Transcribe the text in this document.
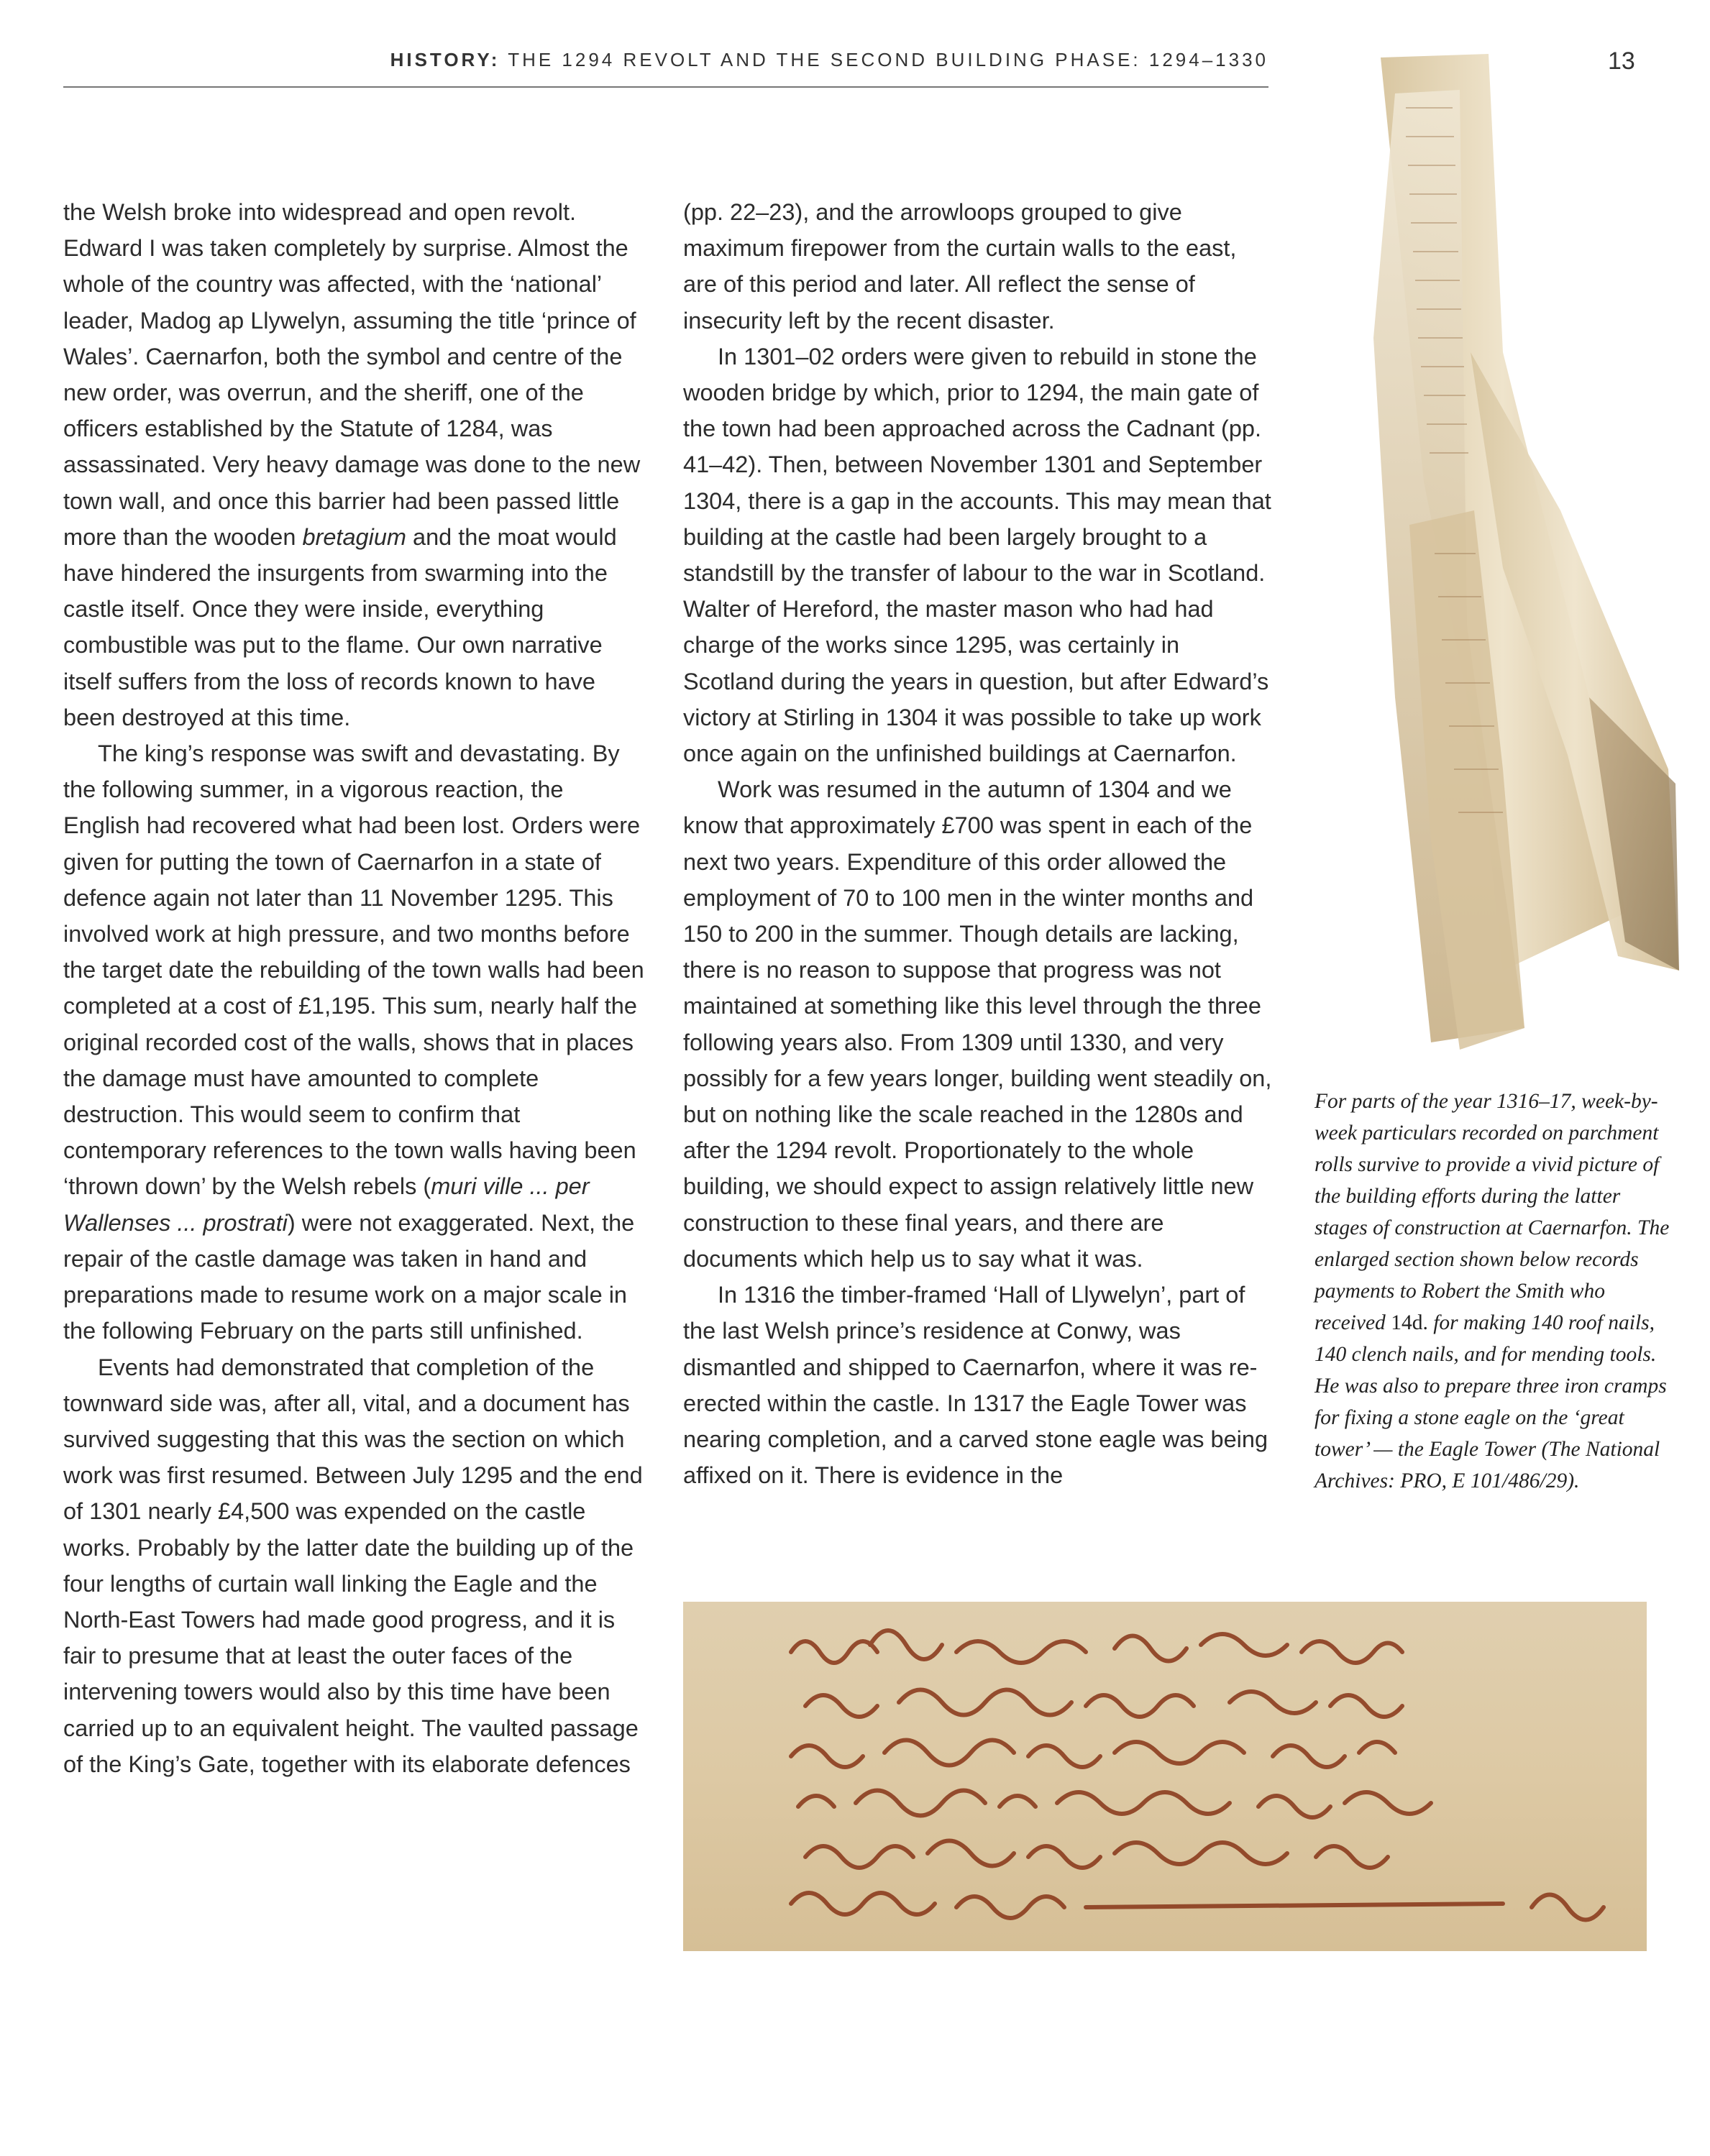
HISTORY: THE 1294 REVOLT AND THE SECOND BUILDING PHASE: 1294–1330	13

the Welsh broke into widespread and open revolt. Edward I was taken completely by surprise. Almost the whole of the country was affected, with the ‘national’ leader, Madog ap Llywelyn, assuming the title ‘prince of Wales’. Caernarfon, both the symbol and centre of the new order, was overrun, and the sheriff, one of the officers established by the Statute of 1284, was assassinated. Very heavy damage was done to the new town wall, and once this barrier had been passed little more than the wooden bretagium and the moat would have hindered the insurgents from swarming into the castle itself. Once they were inside, everything combustible was put to the flame. Our own narrative itself suffers from the loss of records known to have been destroyed at this time.

The king’s response was swift and devastating. By the following summer, in a vigorous reaction, the English had recovered what had been lost. Orders were given for putting the town of Caernarfon in a state of defence again not later than 11 November 1295. This involved work at high pressure, and two months before the target date the rebuilding of the town walls had been completed at a cost of £1,195. This sum, nearly half the original recorded cost of the walls, shows that in places the damage must have amounted to complete destruction. This would seem to confirm that contemporary references to the town walls having been ‘thrown down’ by the Welsh rebels (muri ville ... per Wallenses ... prostrati) were not exaggerated. Next, the repair of the castle damage was taken in hand and preparations made to resume work on a major scale in the following February on the parts still unfinished.

Events had demonstrated that completion of the townward side was, after all, vital, and a document has survived suggesting that this was the section on which work was first resumed. Between July 1295 and the end of 1301 nearly £4,500 was expended on the castle works. Probably by the latter date the building up of the four lengths of curtain wall linking the Eagle and the North-East Towers had made good progress, and it is fair to presume that at least the outer faces of the intervening towers would also by this time have been carried up to an equivalent height. The vaulted passage of the King’s Gate, together with its elaborate defences

(pp. 22–23), and the arrowloops grouped to give maximum firepower from the curtain walls to the east, are of this period and later. All reflect the sense of insecurity left by the recent disaster.

In 1301–02 orders were given to rebuild in stone the wooden bridge by which, prior to 1294, the main gate of the town had been approached across the Cadnant (pp. 41–42). Then, between November 1301 and September 1304, there is a gap in the accounts. This may mean that building at the castle had been largely brought to a standstill by the transfer of labour to the war in Scotland. Walter of Hereford, the master mason who had had charge of the works since 1295, was certainly in Scotland during the years in question, but after Edward’s victory at Stirling in 1304 it was possible to take up work once again on the unfinished buildings at Caernarfon.

Work was resumed in the autumn of 1304 and we know that approximately £700 was spent in each of the next two years. Expenditure of this order allowed the employment of 70 to 100 men in the winter months and 150 to 200 in the summer. Though details are lacking, there is no reason to suppose that progress was not maintained at something like this level through the three following years also. From 1309 until 1330, and very possibly for a few years longer, building went steadily on, but on nothing like the scale reached in the 1280s and after the 1294 revolt. Proportionately to the whole building, we should expect to assign relatively little new construction to these final years, and there are documents which help us to say what it was.

In 1316 the timber-framed ‘Hall of Llywelyn’, part of the last Welsh prince’s residence at Conwy, was dismantled and shipped to Caernarfon, where it was re-erected within the castle. In 1317 the Eagle Tower was nearing completion, and a carved stone eagle was being affixed on it. There is evidence in the

For parts of the year 1316–17, week-by-week particulars recorded on parchment rolls survive to provide a vivid picture of the building efforts during the latter stages of construction at Caernarfon. The enlarged section shown below records payments to Robert the Smith who received 14d. for making 140 roof nails, 140 clench nails, and for mending tools. He was also to prepare three iron cramps for fixing a stone eagle on the ‘great tower’ — the Eagle Tower (The National Archives: PRO, E 101/486/29).
